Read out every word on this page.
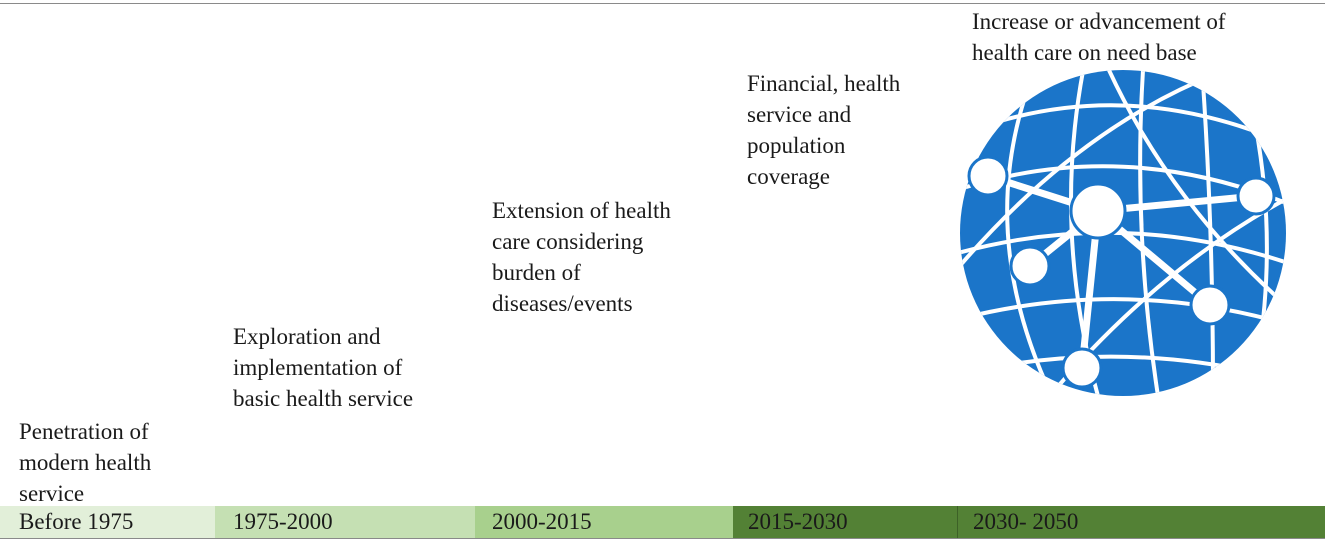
Penetration of
modern health
service
Exploration and
implementation of
basic health service
Extension of health
care considering
burden of
diseases/events
Financial, health
service and
population
coverage
Increase or advancement of
health care on need base
Before 1975	1975-2000	2000-2015	2015-2030	2030- 2050
